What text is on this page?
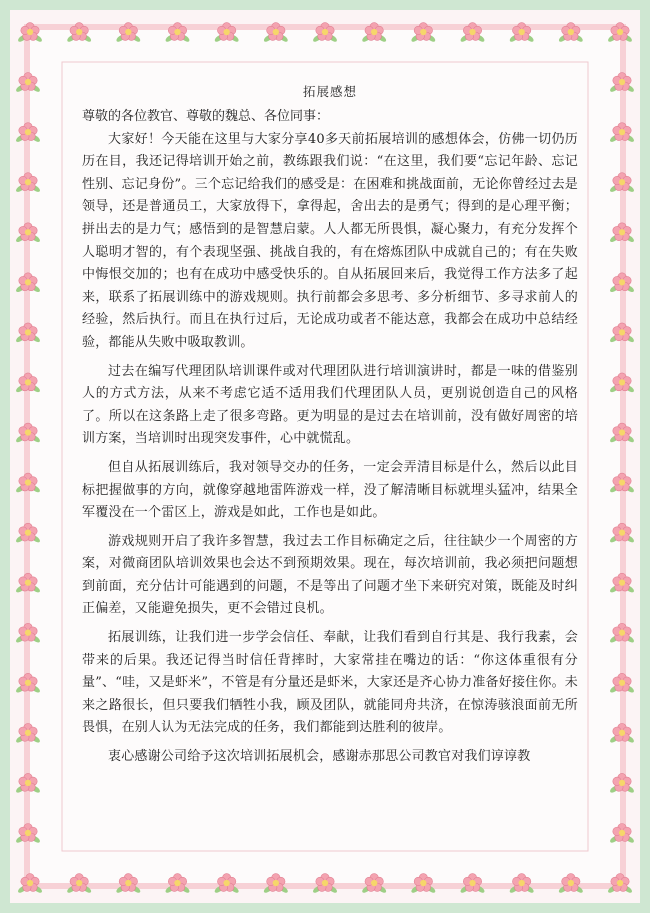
拓展感想

尊敬的各位教官、尊敬的魏总、各位同事：

大家好！今天能在这里与大家分享40多天前拓展培训的感想体会，仿佛一切仍历历在目，我还记得培训开始之前，教练跟我们说：“在这里，我们要“忘记年龄、忘记性别、忘记身份”。三个忘记给我们的感受是：在困难和挑战面前，无论你曾经过去是领导，还是普通员工，大家放得下，拿得起，舍出去的是勇气；得到的是心理平衡；拼出去的是力气；感悟到的是智慧启蒙。人人都无所畏惧，凝心聚力，有充分发挥个人聪明才智的，有个表现坚强、挑战自我的，有在熔炼团队中成就自己的；有在失败中悔恨交加的；也有在成功中感受快乐的。自从拓展回来后，我觉得工作方法多了起来，联系了拓展训练中的游戏规则。执行前都会多思考、多分析细节、多寻求前人的经验，然后执行。而且在执行过后，无论成功或者不能达意，我都会在成功中总结经验，都能从失败中吸取教训。

过去在编写代理团队培训课件或对代理团队进行培训演讲时，都是一味的借鉴别人的方式方法，从来不考虑它适不适用我们代理团队人员，更别说创造自己的风格了。所以在这条路上走了很多弯路。更为明显的是过去在培训前，没有做好周密的培训方案，当培训时出现突发事件，心中就慌乱。

但自从拓展训练后，我对领导交办的任务，一定会弄清目标是什么，然后以此目标把握做事的方向，就像穿越地雷阵游戏一样，没了解清晰目标就埋头猛冲，结果全军覆没在一个雷区上，游戏是如此，工作也是如此。

游戏规则开启了我许多智慧，我过去工作目标确定之后，往往缺少一个周密的方案，对微商团队培训效果也会达不到预期效果。现在，每次培训前，我必须把问题想到前面，充分估计可能遇到的问题，不是等出了问题才坐下来研究对策，既能及时纠正偏差，又能避免损失，更不会错过良机。

拓展训练，让我们进一步学会信任、奉献，让我们看到自行其是、我行我素，会带来的后果。我还记得当时信任背摔时，大家常挂在嘴边的话：“你这体重很有分量”、“哇，又是虾米”，不管是有分量还是虾米，大家还是齐心协力准备好接住你。未来之路很长，但只要我们牺牲小我，顾及团队，就能同舟共济，在惊涛骇浪面前无所畏惧，在别人认为无法完成的任务，我们都能到达胜利的彼岸。

衷心感谢公司给予这次培训拓展机会，感谢赤那思公司教官对我们谆谆教
